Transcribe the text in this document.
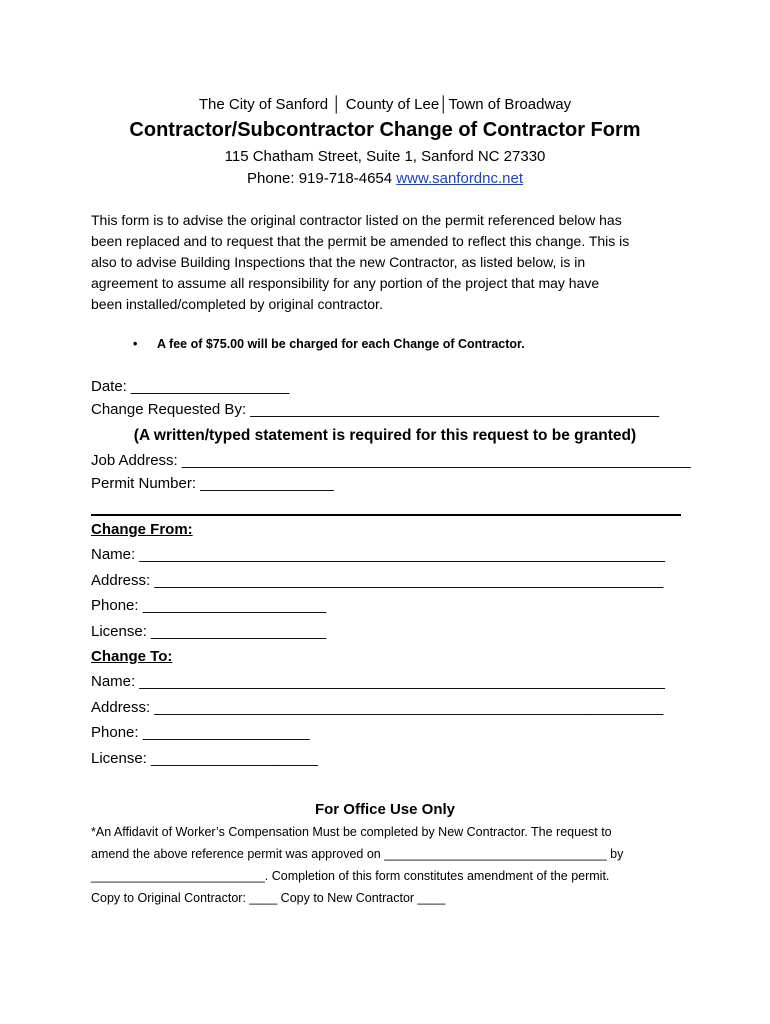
The City of Sanford │ County of Lee│Town of Broadway
Contractor/Subcontractor Change of Contractor Form
115 Chatham Street, Suite 1, Sanford NC 27330
Phone: 919-718-4654 www.sanfordnc.net
This form is to advise the original contractor listed on the permit referenced below has
been replaced and to request that the permit be amended to reflect this change. This is
also to advise Building Inspections that the new Contractor, as listed below, is in
agreement to assume all responsibility for any portion of the project that may have
been installed/completed by original contractor.
• A fee of $75.00 will be charged for each Change of Contractor.
Date: ___________________
Change Requested By: _________________________________________________
(A written/typed statement is required for this request to be granted)
Job Address: _____________________________________________________________
Permit Number: ________________
Change From:
Name: _______________________________________________________________
Address: _____________________________________________________________
Phone: ______________________
License: _____________________
Change To:
Name: _______________________________________________________________
Address: _____________________________________________________________
Phone: ____________________
License: ____________________
For Office Use Only
*An Affidavit of Worker’s Compensation Must be completed by New Contractor. The request to
amend the above reference permit was approved on ________________________________ by
_________________________. Completion of this form constitutes amendment of the permit.
Copy to Original Contractor: ____ Copy to New Contractor ____
